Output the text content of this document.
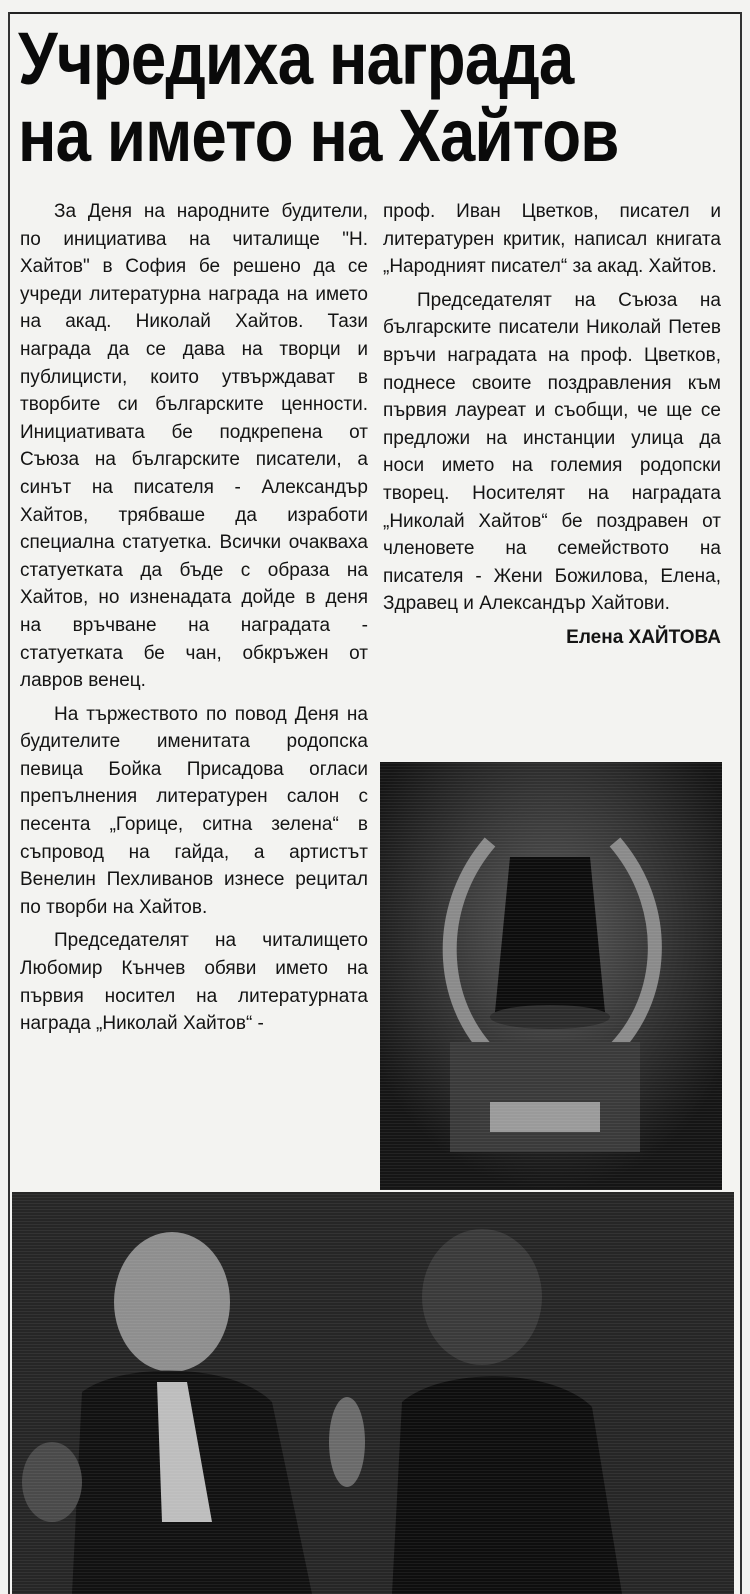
Учредиха награда
на името на Хайтов

За Деня на народните будители, по инициатива на читалище "Н. Хайтов" в София бе решено да се учреди литературна награда на името на акад. Николай Хайтов. Тази награда да се дава на творци и публицисти, които утвърждават в творбите си българските ценности. Инициативата бе подкрепена от Съюза на българските писатели, а синът на писателя - Александър Хайтов, трябваше да изработи специална статуетка. Всички очакваха статуетката да бъде с образа на Хайтов, но изненадата дойде в деня на връчване на наградата - статуетката бе чан, обкръжен от лавров венец.

На тържеството по повод Деня на будителите именитата родопска певица Бойка Присадова огласи препълнения литературен салон с песента „Горице, ситна зелена“ в съпровод на гайда, а артистът Венелин Пехливанов изнесе рецитал по творби на Хайтов.

Председателят на читалището Любомир Кънчев обяви името на първия носител на литературната награда „Николай Хайтов“ -

проф. Иван Цветков, писател и литературен критик, написал книгата „Народният писател“ за акад. Хайтов.

Председателят на Съюза на българските писатели Николай Петев връчи наградата на проф. Цветков, поднесе своите поздравления към първия лауреат и съобщи, че ще се предложи на инстанции улица да носи името на големия родопски творец. Носителят на наградата „Николай Хайтов“ бе поздравен от членовете на семейството на писателя - Жени Божилова, Елена, Здравец и Александър Хайтови.

Елена ХАЙТОВА
